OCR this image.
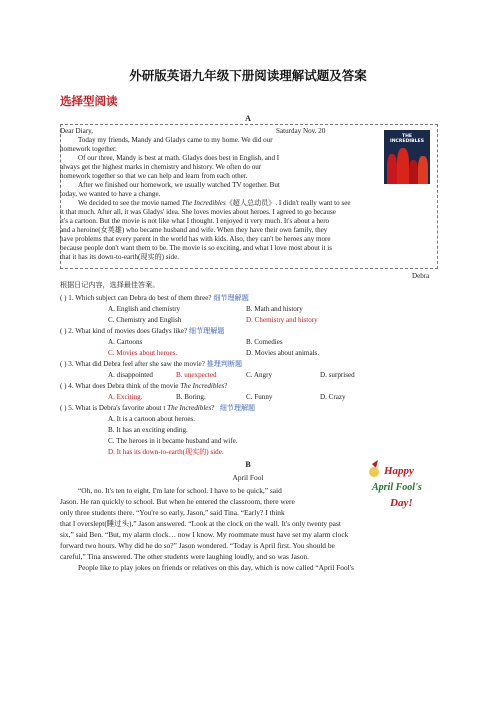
外研版英语九年级下册阅读理解试题及答案
选择型阅读
A
Dear Diary,	Saturday Nov. 20
THE INCREDIBLES
Today my friends, Mandy and Gladys came to my home. We did our
homework together.
Of our three, Mandy is best at math. Gladys does best in English, and I
always get the highest marks in chemistry and history. We often do our
homework together so that we can help and learn from each other.
After we finished our homework, we usually watched TV together. But
today, we wanted to have a change.
We decided to see the movie named The Incredibles《超人总动员》. I didn't really want to see
it that much. After all, it was Gladys' idea. She loves movies about heroes. I agreed to go because
it's a cartoon. But the movie is not like what I thought. I enjoyed it very much. It's about a hero
and a heroine(女英雄) who became husband and wife. When they have their own family, they
have problems that every parent in the world has with kids. Also, they can't be heroes any more
because people don't want them to be. The movie is so exciting, and what I love most about it is
that it has its down-to-earth(现实的) side.
Debra
根据日记内容，选择最佳答案。
( ) 1. Which subject can Debra do best of them three? 细节理解题
A. English and chemistry	B. Math and history
C. Chemistry and English	D. Chemistry and history
( ) 2. What kind of movies does Gladys like? 细节理解题
A. Cartoons	B. Comedies
C. Movies about heroes.	D. Movies about animals.
( ) 3. What did Debra feel after she saw the movie? 推理判断题
A. disappointed	B. unexpected	C. Angry	D. surprised
( ) 4. What does Debra think of the movie The Incredibles?
A. Exciting.	B. Boring.	C. Funny	D. Crazy
( ) 5. What is Debra's favorite about t The Incredibles?   细节理解题
A. It is a cartoon about heroes.
B. It has an exciting ending.
C. The heroes in it became husband and wife.
D. It has its down-to-earth(现实的) side.
B
April Fool
Happy
April Fool's
Day!
“Oh, no. It's ten to eight. I'm late for school. I have to be quick,” said
Jason. He ran quickly to school. But when he entered the classroom, there were
only three students there. “You're so early, Jason,” said Tina. “Early? I think
that I overslept(睡过头),” Jason answered. “Look at the clock on the wall. It's only twenty past
six,” said Ben. “But, my alarm clock… now I know. My roommate must have set my alarm clock
forward two hours. Why did he do so?” Jason wondered. “Today is April first. You should be
careful,” Tina answered. The other students were laughing loudly, and so was Jason.
People like to play jokes on friends or relatives on this day, which is now called “April Fool's
